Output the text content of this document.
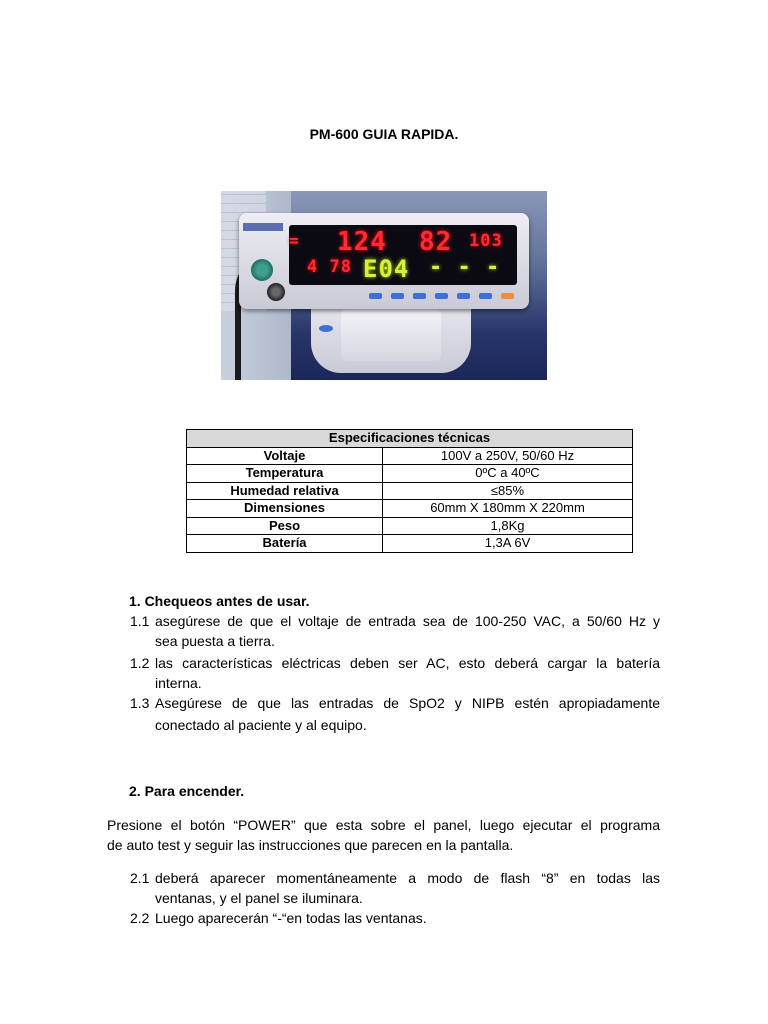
PM-600 GUIA RAPIDA.
= 124 82 103
4 78 E04 - - -
Especificaciones técnicas	
Voltaje	100V a 250V, 50/60 Hz
Temperatura	0ºC a 40ºC
Humedad relativa	≤85%
Dimensiones	60mm X 180mm X 220mm
Peso	1,8Kg
Batería	1,3A 6V
1. Chequeos antes de usar.
1.1 asegúrese de que el voltaje de entrada sea de 100-250 VAC, a 50/60 Hz y
sea puesta a tierra.
1.2 las características eléctricas deben ser AC, esto deberá cargar la batería
interna.
1.3 Asegúrese de que las entradas de SpO2 y NIPB estén apropiadamente
conectado al paciente y al equipo.
2. Para encender.
Presione el botón “POWER” que esta sobre el panel, luego ejecutar el programa
de auto test y seguir las instrucciones que parecen en la pantalla.
2.1 deberá aparecer momentáneamente a modo de flash “8” en todas las
ventanas, y el panel se iluminara.
2.2 Luego aparecerán “-“en todas las ventanas.
